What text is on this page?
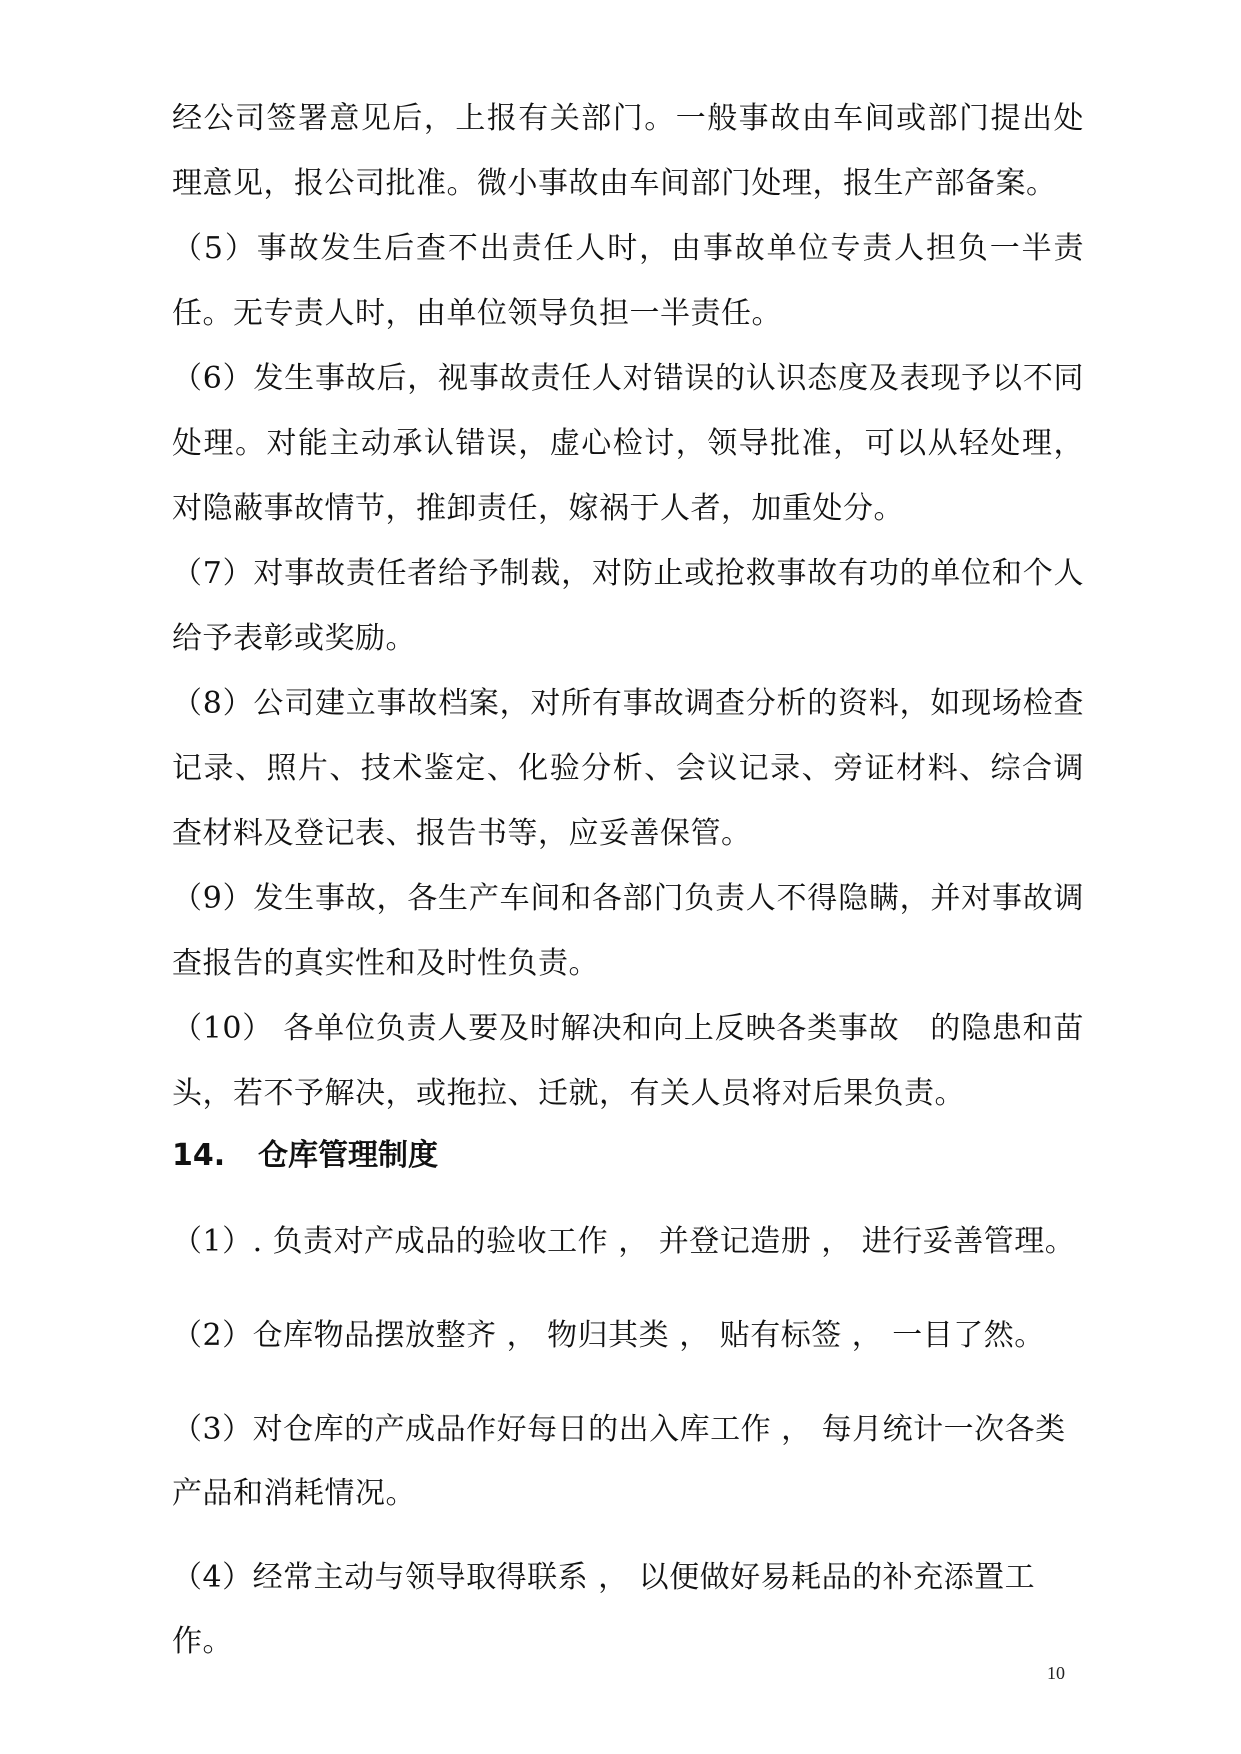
经公司签署意见后，上报有关部门。一般事故由车间或部门提出处理意见，报公司批准。微小事故由车间部门处理，报生产部备案。

（5）事故发生后查不出责任人时，由事故单位专责人担负一半责任。无专责人时，由单位领导负担一半责任。

（6）发生事故后，视事故责任人对错误的认识态度及表现予以不同处理。对能主动承认错误，虚心检讨，领导批准，可以从轻处理，对隐蔽事故情节，推卸责任，嫁祸于人者，加重处分。

（7）对事故责任者给予制裁，对防止或抢救事故有功的单位和个人给予表彰或奖励。

（8）公司建立事故档案，对所有事故调查分析的资料，如现场检查记录、照片、技术鉴定、化验分析、会议记录、旁证材料、综合调查材料及登记表、报告书等，应妥善保管。

（9）发生事故，各生产车间和各部门负责人不得隐瞒，并对事故调查报告的真实性和及时性负责。

（10） 各单位负责人要及时解决和向上反映各类事故　的隐患和苗头，若不予解决，或拖拉、迁就，有关人员将对后果负责。

14.	仓库管理制度

（1）. 负责对产成品的验收工作 ， 并登记造册 ， 进行妥善管理。

（2）仓库物品摆放整齐 ， 物归其类 ， 贴有标签 ， 一目了然。

（3）对仓库的产成品作好每日的出入库工作 ， 每月统计一次各类产品和消耗情况。

（4）经常主动与领导取得联系 ， 以便做好易耗品的补充添置工作。

10
